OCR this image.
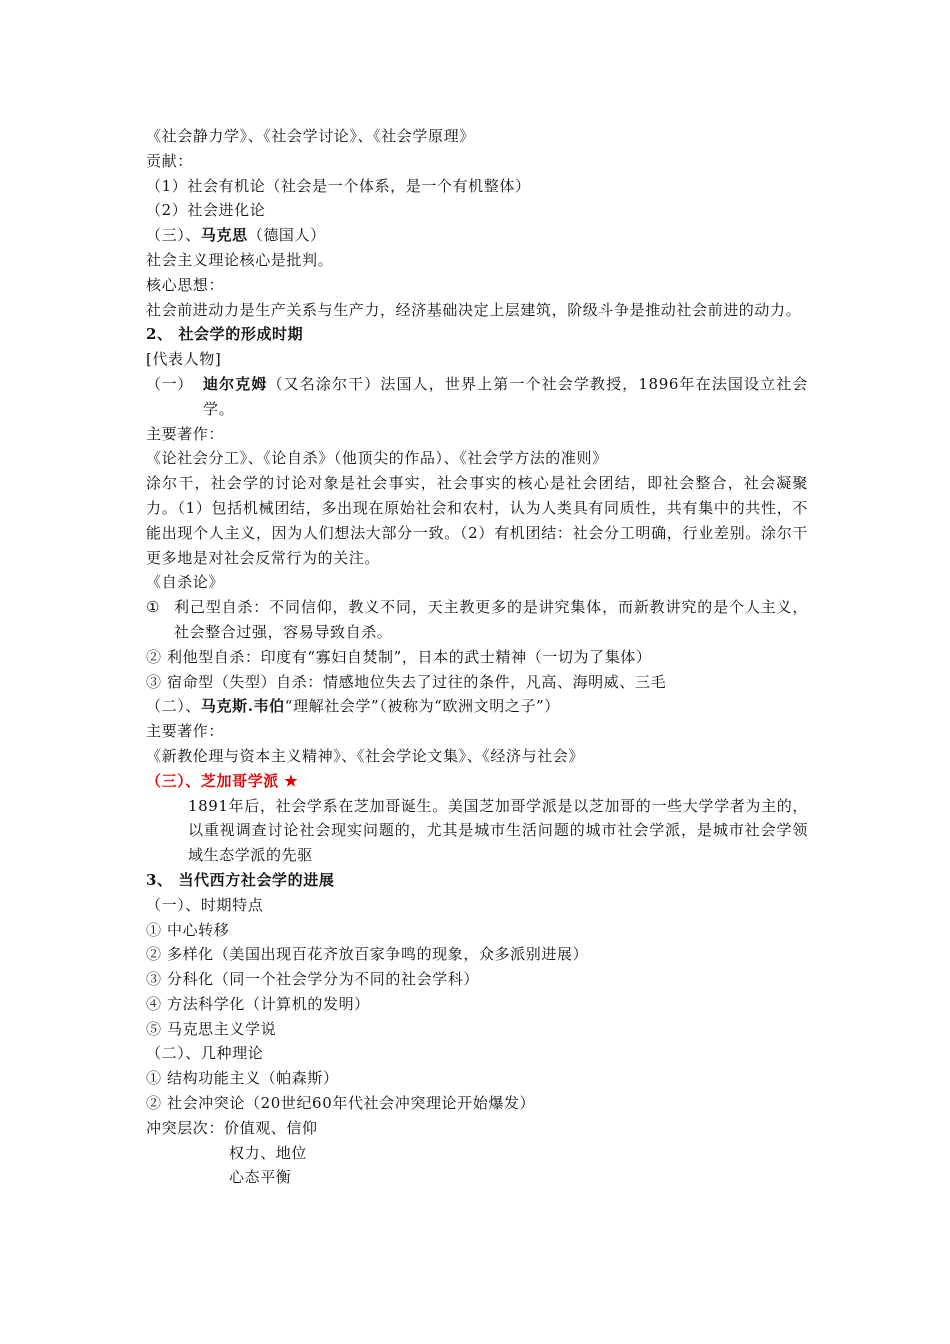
《社会静力学》、《社会学讨论》、《社会学原理》
贡献：
（1）社会有机论（社会是一个体系，是一个有机整体）
（2）社会进化论
（三）、马克思（德国人）
社会主义理论核心是批判。
核心思想：
社会前进动力是生产关系与生产力，经济基础决定上层建筑，阶级斗争是推动社会前进的动力。
2、 社会学的形成时期
[代表人物]
（一） 迪尔克姆（又名涂尔干）法国人，世界上第一个社会学教授，1896年在法国设立社会学。
主要著作：
《论社会分工》、《论自杀》（他顶尖的作品）、《社会学方法的准则》
涂尔干，社会学的讨论对象是社会事实，社会事实的核心是社会团结，即社会整合，社会凝聚力。（1）包括机械团结，多出现在原始社会和农村，认为人类具有同质性，共有集中的共性，不能出现个人主义，因为人们想法大部分一致。（2）有机团结：社会分工明确，行业差别。涂尔干更多地是对社会反常行为的关注。
《自杀论》
① 利己型自杀：不同信仰，教义不同，天主教更多的是讲究集体，而新教讲究的是个人主义，社会整合过强，容易导致自杀。
② 利他型自杀：印度有“寡妇自焚制”，日本的武士精神（一切为了集体）
③ 宿命型（失型）自杀：情感地位失去了过往的条件，凡高、海明威、三毛
（二）、马克斯.韦伯“理解社会学”（被称为“欧洲文明之子”）
主要著作：
《新教伦理与资本主义精神》、《社会学论文集》、《经济与社会》
（三）、芝加哥学派 ★
1891年后，社会学系在芝加哥诞生。美国芝加哥学派是以芝加哥的一些大学学者为主的，以重视调查讨论社会现实问题的，尤其是城市生活问题的城市社会学派，是城市社会学领域生态学派的先驱
3、 当代西方社会学的进展
（一）、时期特点
① 中心转移
② 多样化（美国出现百花齐放百家争鸣的现象，众多派别进展）
③ 分科化（同一个社会学分为不同的社会学科）
④ 方法科学化（计算机的发明）
⑤ 马克思主义学说
（二）、几种理论
① 结构功能主义（帕森斯）
② 社会冲突论（20世纪60年代社会冲突理论开始爆发）
冲突层次：价值观、信仰
权力、地位
心态平衡
